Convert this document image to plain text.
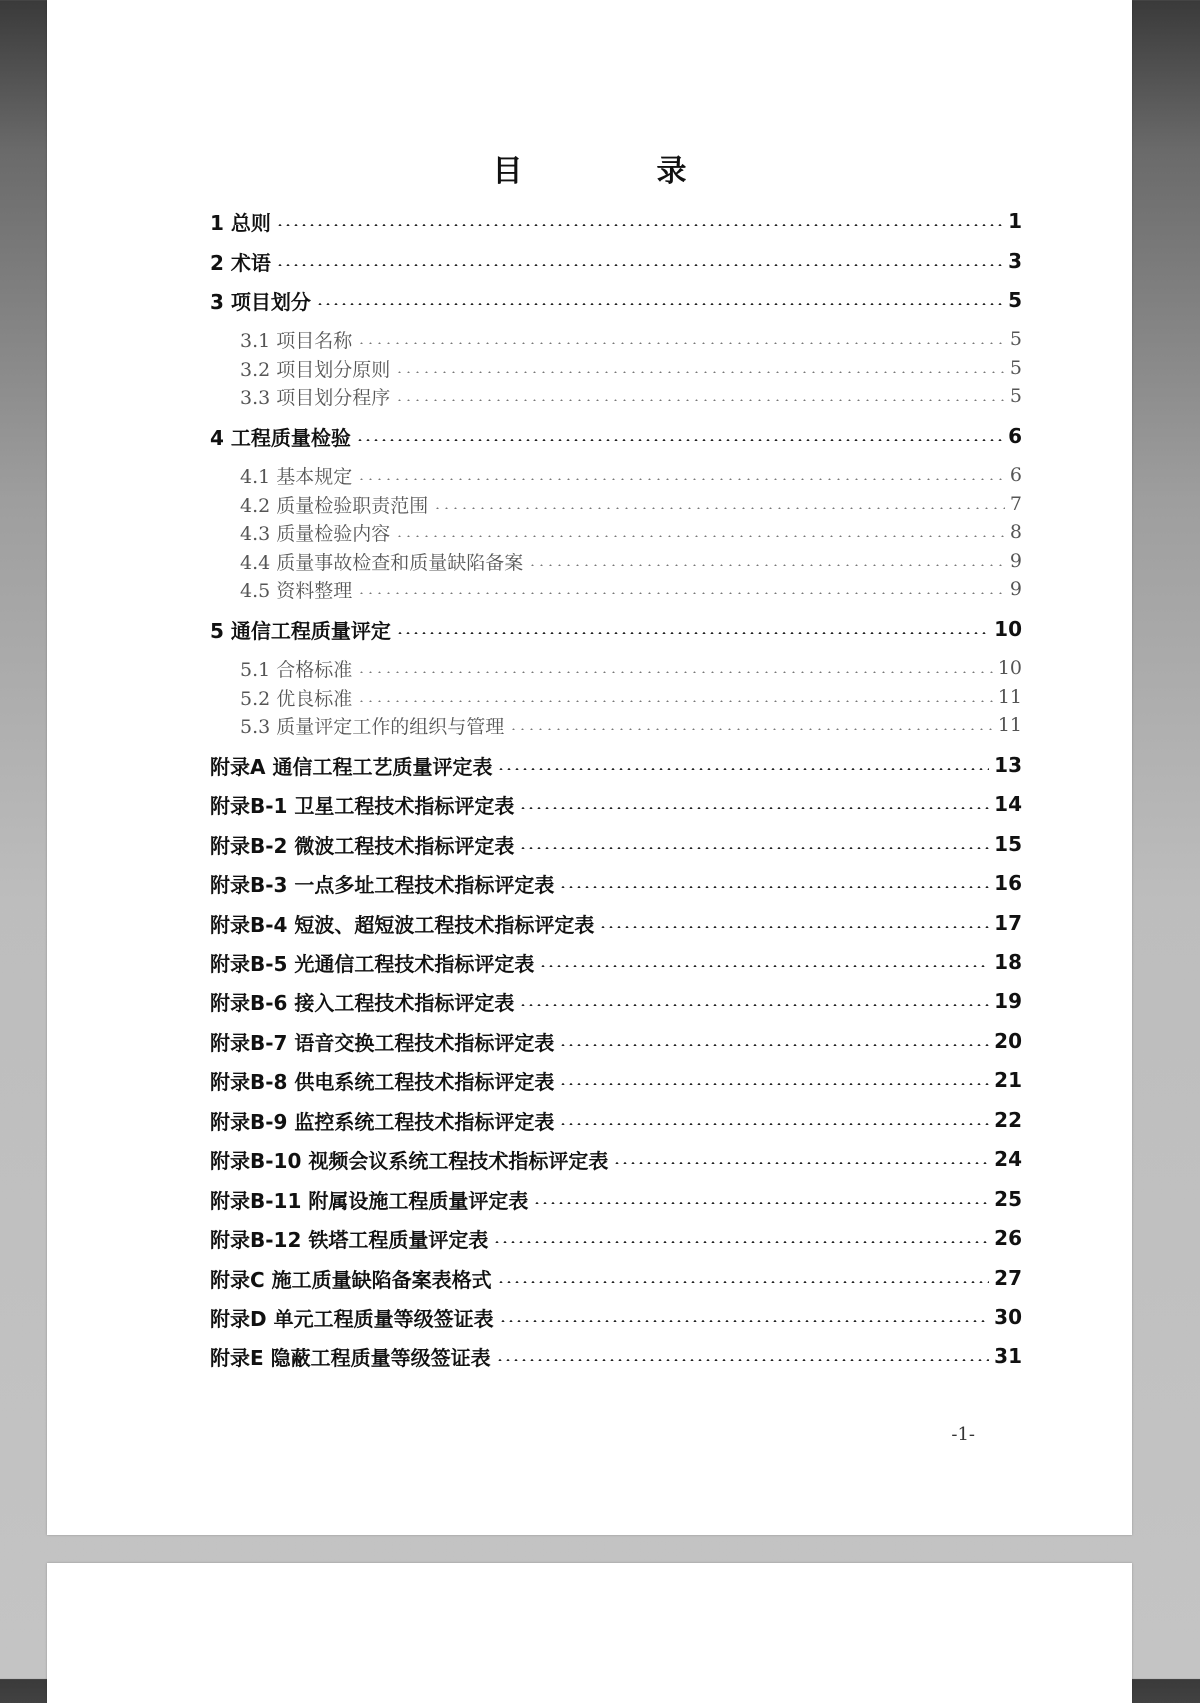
目　录
1 总则	1
2 术语	3
3 项目划分	5
3.1 项目名称	5
3.2 项目划分原则	5
3.3 项目划分程序	5
4 工程质量检验	6
4.1 基本规定	6
4.2 质量检验职责范围	7
4.3 质量检验内容	8
4.4 质量事故检查和质量缺陷备案	9
4.5 资料整理	9
5 通信工程质量评定	10
5.1 合格标准	10
5.2 优良标准	11
5.3 质量评定工作的组织与管理	11
附录A 通信工程工艺质量评定表	13
附录B-1 卫星工程技术指标评定表	14
附录B-2 微波工程技术指标评定表	15
附录B-3 一点多址工程技术指标评定表	16
附录B-4 短波、超短波工程技术指标评定表	17
附录B-5 光通信工程技术指标评定表	18
附录B-6 接入工程技术指标评定表	19
附录B-7 语音交换工程技术指标评定表	20
附录B-8 供电系统工程技术指标评定表	21
附录B-9 监控系统工程技术指标评定表	22
附录B-10 视频会议系统工程技术指标评定表	24
附录B-11 附属设施工程质量评定表	25
附录B-12 铁塔工程质量评定表	26
附录C 施工质量缺陷备案表格式	27
附录D 单元工程质量等级签证表	30
附录E 隐蔽工程质量等级签证表	31
-1-
